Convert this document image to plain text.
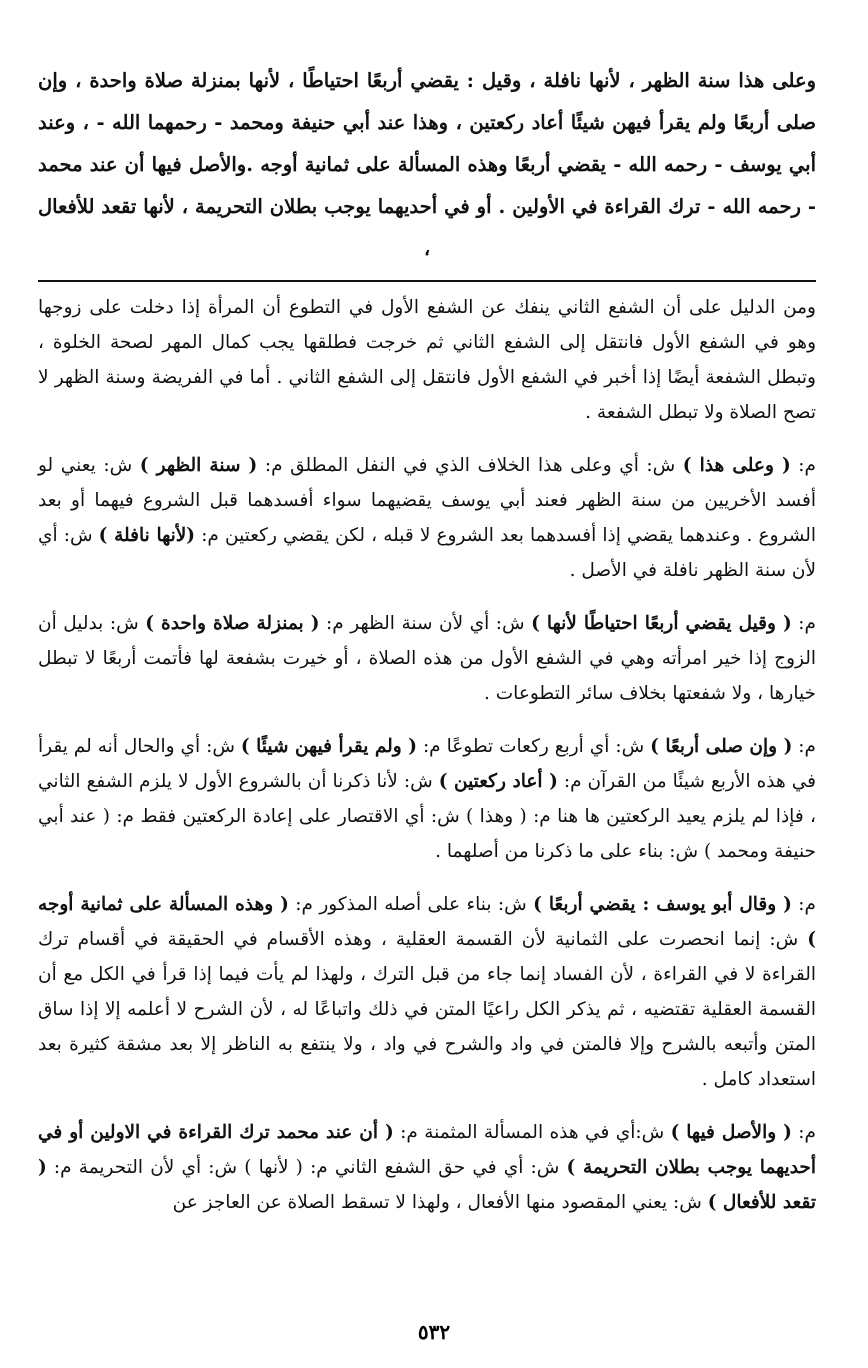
وعلى هذا سنة الظهر ، لأنها نافلة ، وقيل : يقضي أربعًا احتياطًا ، لأنها بمنزلة صلاة واحدة ، وإن صلى أربعًا ولم يقرأ فيهن شيئًا أعاد ركعتين ، وهذا عند أبي حنيفة ومحمد - رحمهما الله - ، وعند أبي يوسف - رحمه الله - يقضي أربعًا وهذه المسألة على ثمانية أوجه .والأصل فيها أن عند محمد - رحمه الله - ترك القراءة في الأولين . أو في أحديهما يوجب بطلان التحريمة ، لأنها تقعد للأفعال ،

ومن الدليل على أن الشفع الثاني ينفك عن الشفع الأول في التطوع أن المرأة إذا دخلت على زوجها وهو في الشفع الأول فانتقل إلى الشفع الثاني ثم خرجت فطلقها يجب كمال المهر لصحة الخلوة ، وتبطل الشفعة أيضًا إذا أخبر في الشفع الأول فانتقل إلى الشفع الثاني . أما في الفريضة وسنة الظهر لا تصح الصلاة ولا تبطل الشفعة .

م: ( وعلى هذا ) ش: أي وعلى هذا الخلاف الذي في النفل المطلق م: ( سنة الظهر ) ش: يعني لو أفسد الأخريين من سنة الظهر فعند أبي يوسف يقضيهما سواء أفسدهما قبل الشروع فيهما أو بعد الشروع . وعندهما يقضي إذا أفسدهما بعد الشروع لا قبله ، لكن يقضي ركعتين م: (لأنها نافلة ) ش: أي لأن سنة الظهر نافلة في الأصل .

م: ( وقيل يقضي أربعًا احتياطًا لأنها ) ش: أي لأن سنة الظهر م: ( بمنزلة صلاة واحدة ) ش: بدليل أن الزوج إذا خير امرأته وهي في الشفع الأول من هذه الصلاة ، أو خيرت بشفعة لها فأتمت أربعًا لا تبطل خيارها ، ولا شفعتها بخلاف سائر التطوعات .

م: ( وإن صلى أربعًا ) ش: أي أربع ركعات تطوعًا م: ( ولم يقرأ فيهن شيئًا ) ش: أي والحال أنه لم يقرأ في هذه الأربع شيئًا من القرآن م: ( أعاد ركعتين ) ش: لأنا ذكرنا أن بالشروع الأول لا يلزم الشفع الثاني ، فإذا لم يلزم يعيد الركعتين ها هنا م: ( وهذا ) ش: أي الاقتصار على إعادة الركعتين فقط م: ( عند أبي حنيفة ومحمد ) ش: بناء على ما ذكرنا من أصلهما .

م: ( وقال أبو يوسف : يقضي أربعًا ) ش: بناء على أصله المذكور م: ( وهذه المسألة على ثمانية أوجه ) ش: إنما انحصرت على الثمانية لأن القسمة العقلية ، وهذه الأقسام في الحقيقة في أقسام ترك القراءة لا في القراءة ، لأن الفساد إنما جاء من قبل الترك ، ولهذا لم يأت فيما إذا قرأ في الكل مع أن القسمة العقلية تقتضيه ، ثم يذكر الكل راعيًا المتن في ذلك واتباعًا له ، لأن الشرح لا أعلمه إلا إذا ساق المتن وأتبعه بالشرح وإلا فالمتن في واد والشرح في واد ، ولا ينتفع به الناظر إلا بعد مشقة كثيرة بعد استعداد كامل .

م: ( والأصل فيها ) ش:أي في هذه المسألة المثمنة م: ( أن عند محمد ترك القراءة في الاولين أو في أحديهما يوجب بطلان التحريمة ) ش: أي في حق الشفع الثاني م: ( لأنها ) ش: أي لأن التحريمة م: ( تقعد للأفعال ) ش: يعني المقصود منها الأفعال ، ولهذا لا تسقط الصلاة عن العاجز عن

٥٣٢
